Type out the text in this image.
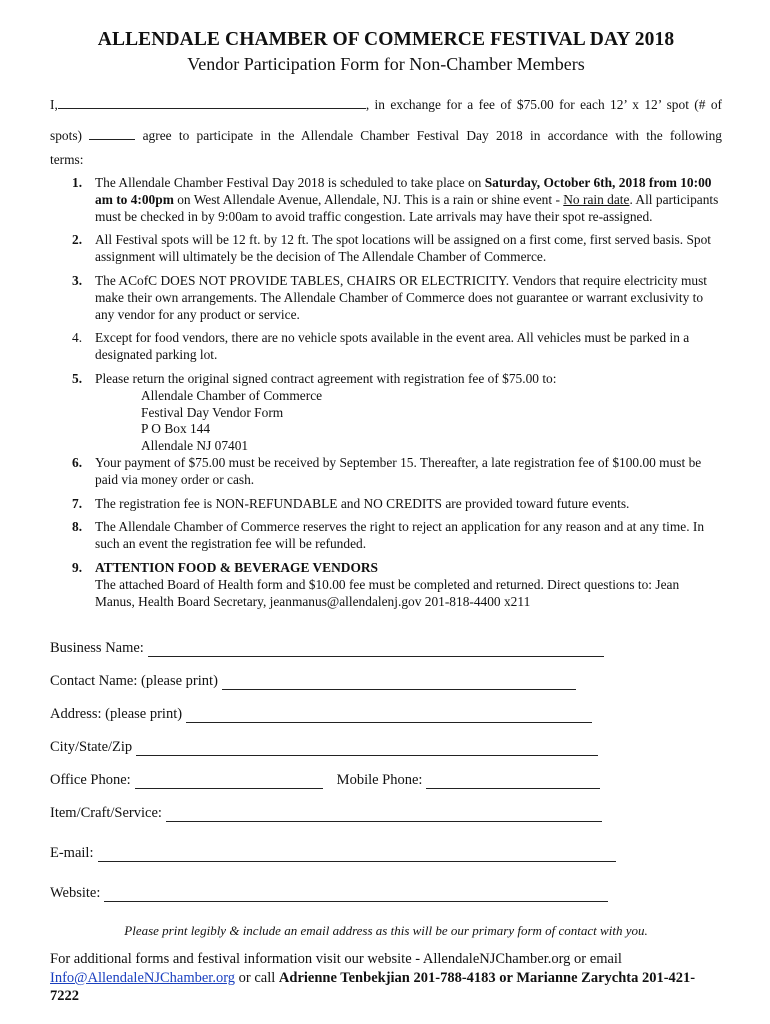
ALLENDALE CHAMBER OF COMMERCE FESTIVAL DAY 2018
Vendor Participation Form for Non-Chamber Members
I,	, in exchange for a fee of $75.00 for each 12’ x 12’ spot (# of spots)	agree to participate in the Allendale Chamber Festival Day 2018 in accordance with the following
terms:
1. The Allendale Chamber Festival Day 2018 is scheduled to take place on Saturday, October 6th, 2018 from 10:00 am to 4:00pm on West Allendale Avenue, Allendale, NJ. This is a rain or shine event - No rain date. All participants must be checked in by 9:00am to avoid traffic congestion. Late arrivals may have their spot re-assigned.
2. All Festival spots will be 12 ft. by 12 ft. The spot locations will be assigned on a first come, first served basis. Spot assignment will ultimately be the decision of The Allendale Chamber of Commerce.
3. The ACofC DOES NOT PROVIDE TABLES, CHAIRS OR ELECTRICITY. Vendors that require electricity must make their own arrangements. The Allendale Chamber of Commerce does not guarantee or warrant exclusivity to any vendor for any product or service.
4. Except for food vendors, there are no vehicle spots available in the event area. All vehicles must be parked in a designated parking lot.
5. Please return the original signed contract agreement with registration fee of $75.00 to:
Allendale Chamber of Commerce
Festival Day Vendor Form
P O Box 144
Allendale NJ 07401
6. Your payment of $75.00 must be received by September 15. Thereafter, a late registration fee of $100.00 must be paid via money order or cash.
7. The registration fee is NON-REFUNDABLE and NO CREDITS are provided toward future events.
8. The Allendale Chamber of Commerce reserves the right to reject an application for any reason and at any time. In such an event the registration fee will be refunded.
9. ATTENTION FOOD & BEVERAGE VENDORS
The attached Board of Health form and $10.00 fee must be completed and returned. Direct questions to: Jean Manus, Health Board Secretary, jeanmanus@allendalenj.gov 201-818-4400 x211
Business Name:
Contact Name: (please print)
Address: (please print)
City/State/Zip
Office Phone:	Mobile Phone:
Item/Craft/Service:
E-mail:
Website:
Please print legibly & include an email address as this will be our primary form of contact with you.
For additional forms and festival information visit our website - AllendaleNJChamber.org or email Info@AllendaleNJChamber.org or call Adrienne Tenbekjian 201-788-4183 or Marianne Zarychta 201-421-7222
